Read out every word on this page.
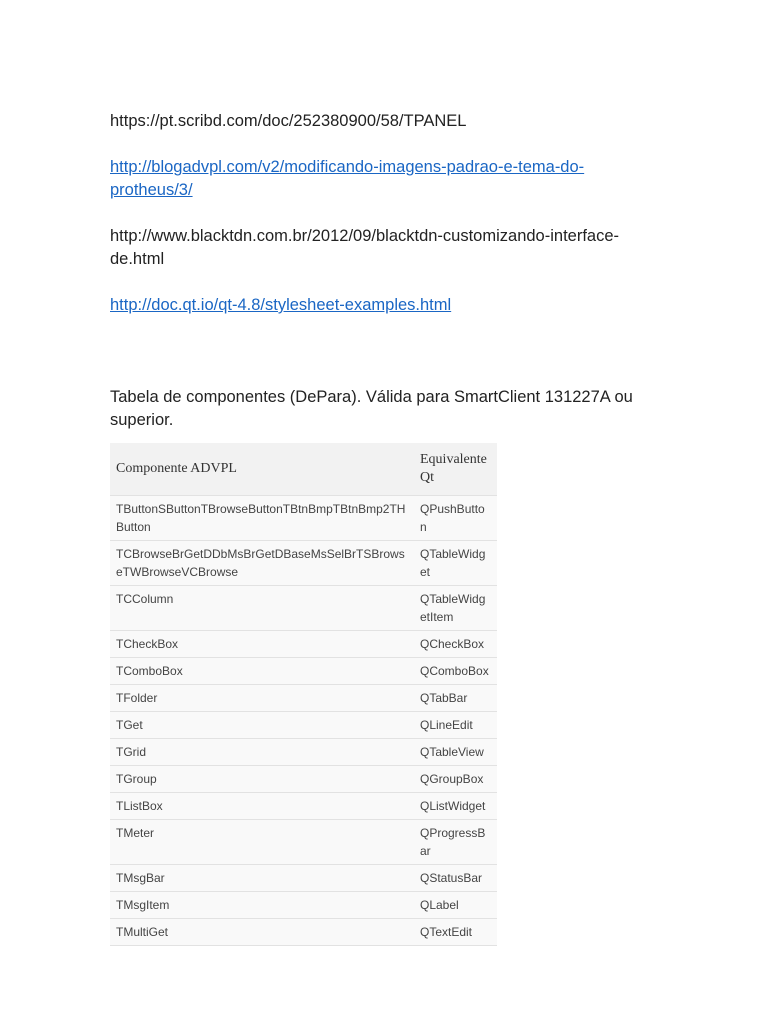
https://pt.scribd.com/doc/252380900/58/TPANEL

http://blogadvpl.com/v2/modificando-imagens-padrao-e-tema-do-protheus/3/

http://www.blacktdn.com.br/2012/09/blacktdn-customizando-interface-de.html

http://doc.qt.io/qt-4.8/stylesheet-examples.html

Tabela de componentes (DePara). Válida para SmartClient 131227A ou superior.

Componente ADVPL	Equivalente Qt
TButtonSButtonTBrowseButtonTBtnBmpTBtnBmp2THButton	QPushButton
TCBrowseBrGetDDbMsBrGetDBaseMsSelBrTSBrowseTWBrowseVCBrowse	QTableWidget
TCColumn	QTableWidgetItem
TCheckBox	QCheckBox
TComboBox	QComboBox
TFolder	QTabBar
TGet	QLineEdit
TGrid	QTableView
TGroup	QGroupBox
TListBox	QListWidget
TMeter	QProgressBar
TMsgBar	QStatusBar
TMsgItem	QLabel
TMultiGet	QTextEdit
